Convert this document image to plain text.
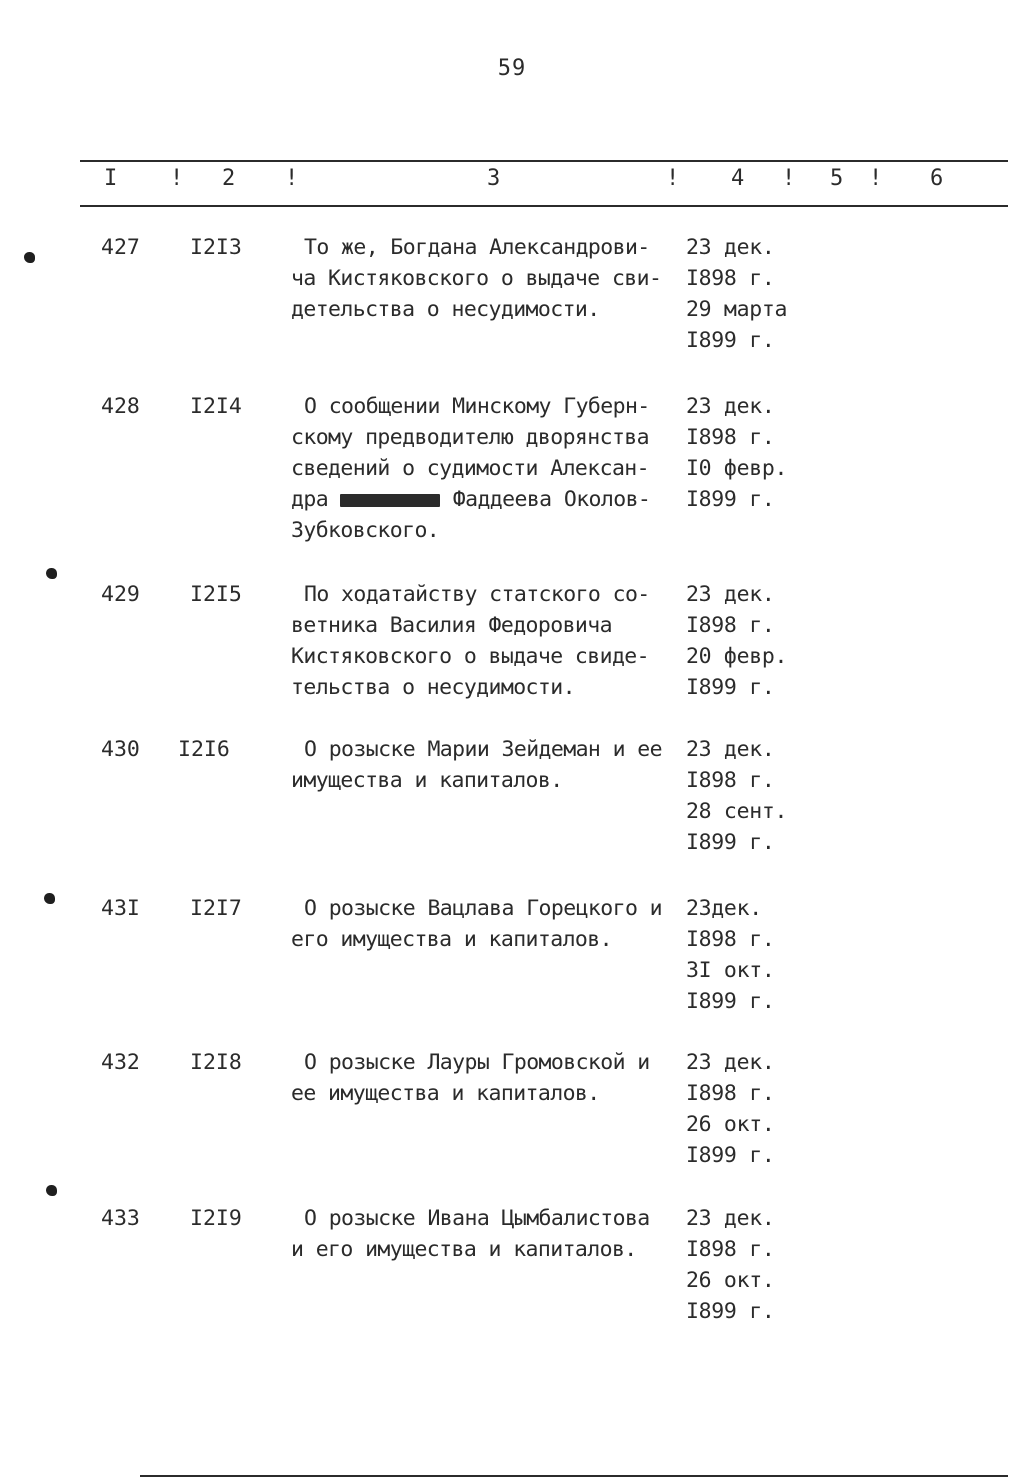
59
I ! 2 !	3	! 4 ! 5 ! 6
427 I2I3	То же, Богдана Александрови-
ча Кистяковского о выдаче сви-
детельства о несудимости.
23 дек.
I898 г.
29 марта
I899 г.
428 I2I4	О сообщении Минскому Губерн-
скому предводителю дворянства
сведений о судимости Алексан-
дра	Фаддеева Околов-
Зубковского.
23 дек.
I898 г.
I0 февр.
I899 г.
429 I2I5	По ходатайству статского со-
ветника Василия Федоровича
Кистяковского о выдаче свиде-
тельства о несудимости.
23 дек.
I898 г.
20 февр.
I899 г.
430 I2I6	О розыске Марии Зейдеман и ее
имущества и капиталов.
23 дек.
I898 г.
28 сент.
I899 г.
43I I2I7	О розыске Вацлава Горецкого и
его имущества и капиталов.
23дек.
I898 г.
3I окт.
I899 г.
432 I2I8	О розыске Лауры Громовской и
ее имущества и капиталов.
23 дек.
I898 г.
26 окт.
I899 г.
433 I2I9	О розыске Ивана Цымбалистова
и его имущества и капиталов.
23 дек.
I898 г.
26 окт.
I899 г.
